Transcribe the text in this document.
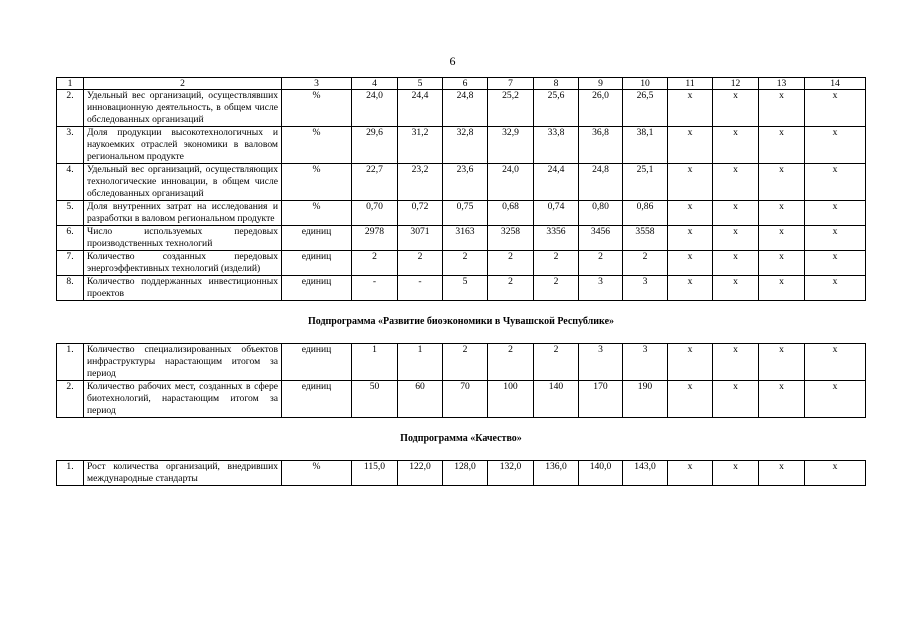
6
1	2	3	4	5	6	7	8	9	10	11	12	13	14
2.	Удельный вес организаций, осуществлявших инновационную деятельность, в общем числе обследованных организаций	%	24,0	24,4	24,8	25,2	25,6	26,0	26,5	x	x	x	x
3.	Доля продукции высокотехнологичных и наукоемких отраслей экономики в валовом региональном продукте	%	29,6	31,2	32,8	32,9	33,8	36,8	38,1	x	x	x	x
4.	Удельный вес организаций, осуществляющих технологические инновации, в общем числе обследованных организаций	%	22,7	23,2	23,6	24,0	24,4	24,8	25,1	x	x	x	x
5.	Доля внутренних затрат на исследования и разработки в валовом региональном продукте	%	0,70	0,72	0,75	0,68	0,74	0,80	0,86	x	x	x	x
6.	Число используемых передовых производственных технологий	единиц	2978	3071	3163	3258	3356	3456	3558	x	x	x	x
7.	Количество созданных передовых энергоэффективных технологий (изделий)	единиц	2	2	2	2	2	2	2	x	x	x	x
8.	Количество поддержанных инвестиционных проектов	единиц	-	-	5	2	2	3	3	x	x	x	x
Подпрограмма «Развитие биоэкономики в Чувашской Республике»													
1.	Количество специализированных объектов инфраструктуры нарастающим итогом за период	единиц	1	1	2	2	2	3	3	x	x	x	x
2.	Количество рабочих мест, созданных в сфере биотехнологий, нарастающим итогом за период	единиц	50	60	70	100	140	170	190	x	x	x	x
Подпрограмма «Качество»													
1.	Рост количества организаций, внедривших международные стандарты	%	115,0	122,0	128,0	132,0	136,0	140,0	143,0	x	x	x	x
